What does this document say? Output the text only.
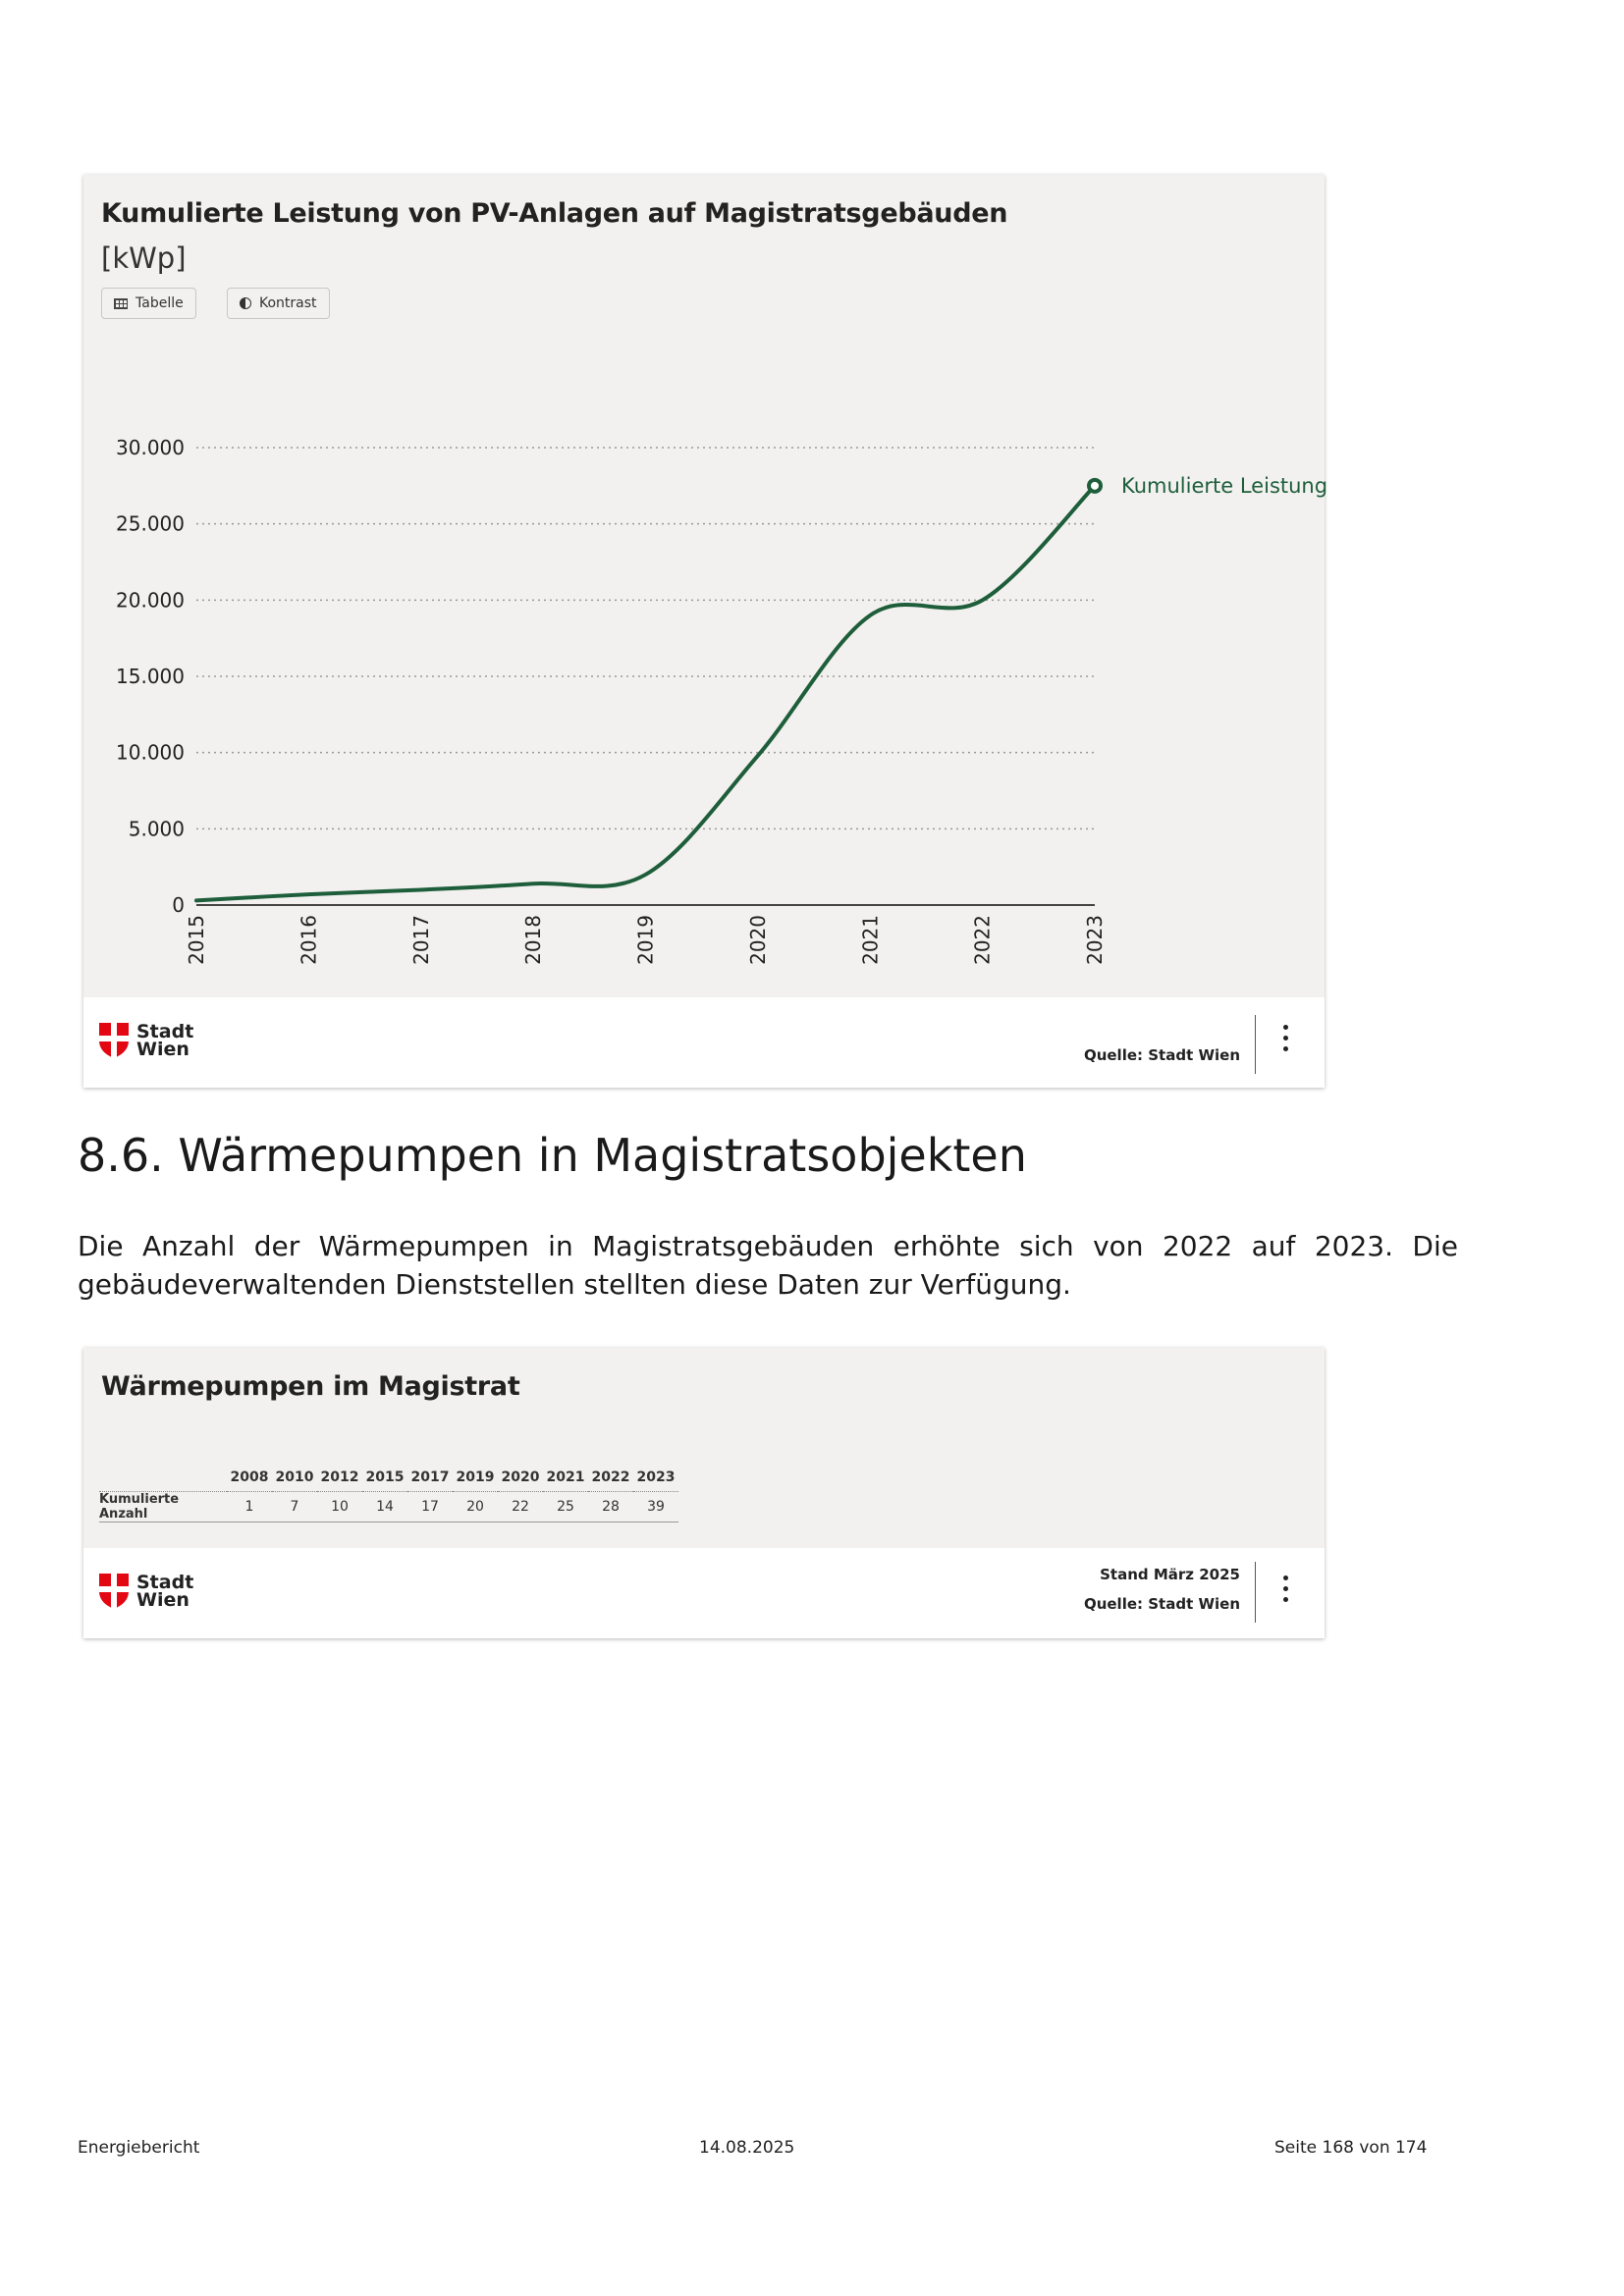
Kumulierte Leistung von PV-Anlagen auf Magistratsgebäuden
[kWp]
Tabelle	Kontrast
0
5.000
10.000
15.000
20.000
25.000
30.000
2015	2016	2017	2018	2019	2020	2021	2022	2023
Kumulierte Leistung
Stadt
Wien	Quelle: Stadt Wien
8.6. Wärmepumpen in Magistratsobjekten

Die Anzahl der Wärmepumpen in Magistratsgebäuden erhöhte sich von 2022 auf 2023. Die gebäudeverwaltenden Dienststellen stellten diese Daten zur Verfügung.

Wärmepumpen im Magistrat
	2008	2010	2012	2015	2017	2019	2020	2021	2022	2023
Kumulierte Anzahl	1	7	10	14	17	20	22	25	28	39
Stadt
Wien
Stand März 2025
Quelle: Stadt Wien
Energiebericht	14.08.2025	Seite 168 von 174
